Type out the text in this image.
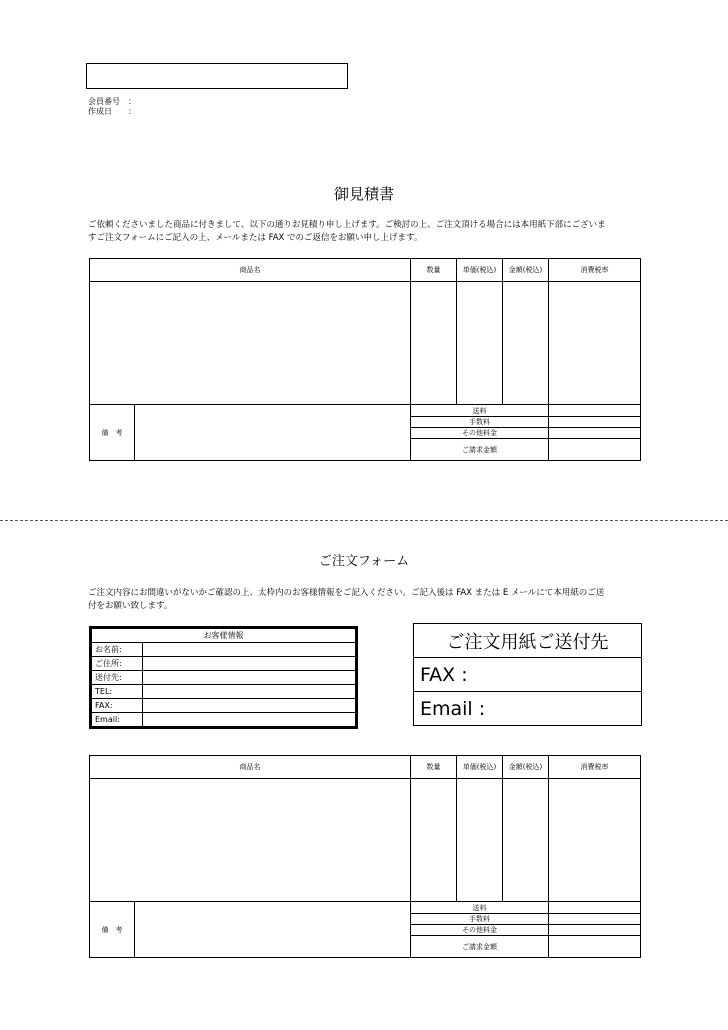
会員番号　：
作成日　　：
御見積書
ご依頼くださいました商品に付きまして、以下の通りお見積り申し上げます。ご検討の上、ご注文頂ける場合には本用紙下部にございま
すご注文フォームにご記入の上、メールまたは FAX でのご返信をお願い申し上げます。
商品名		数量	単価(税込)	金額(税込)	消費税率

備　考		送料			
		手数料			
		その他料金			
		ご請求金額			
ご注文フォーム
ご注文内容にお間違いがないかご確認の上、太枠内のお客様情報をご記入ください。ご記入後は FAX または E メールにて本用紙のご送
付をお願い致します。
お客様情報	
お名前:	
ご住所:	
送付先:	
TEL:	
FAX:	
Email:	
ご注文用紙ご送付先
FAX :
Email :
商品名		数量	単価(税込)	金額(税込)	消費税率

備　考		送料			
		手数料			
		その他料金			
		ご請求金額			
